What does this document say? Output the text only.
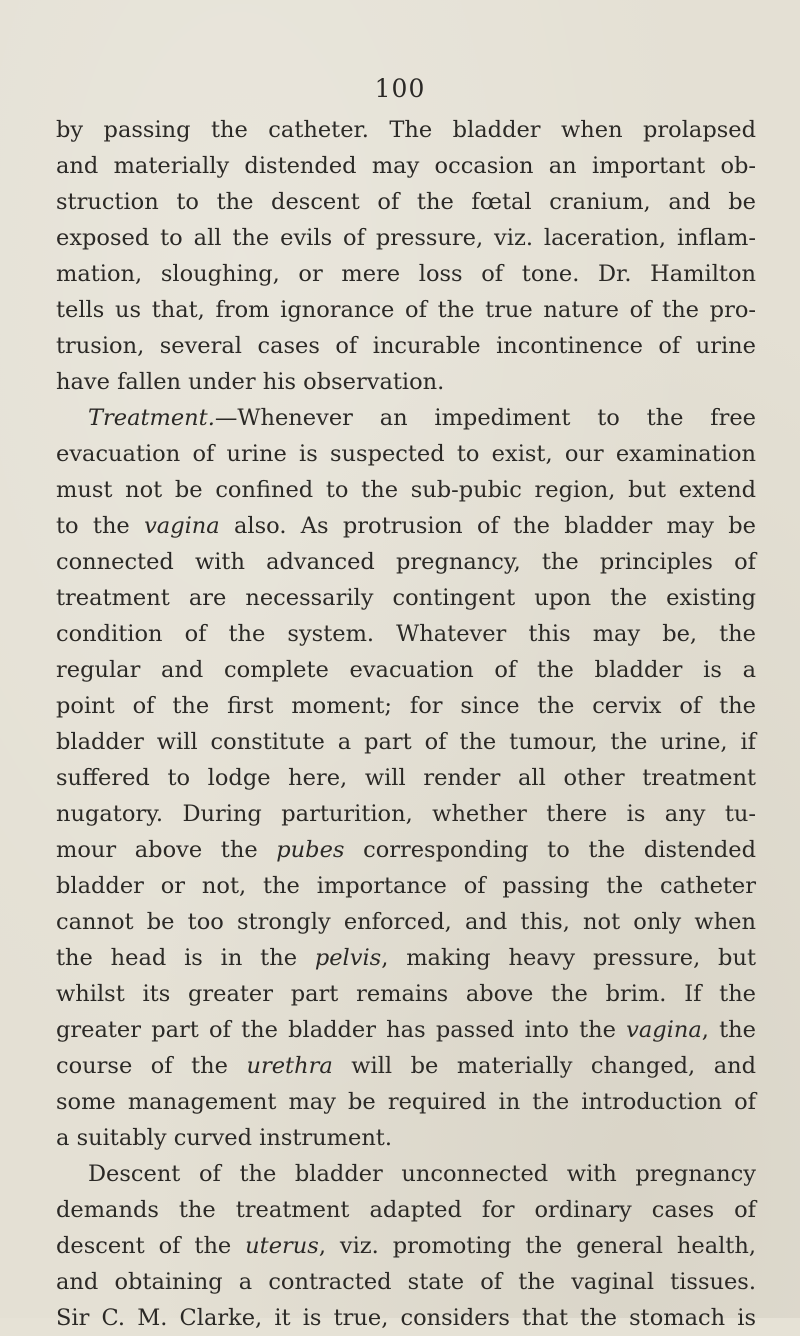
100
by passing the catheter. The bladder when prolapsed
and materially distended may occasion an important ob-
struction to the descent of the fœtal cranium, and be
exposed to all the evils of pressure, viz. laceration, inflam-
mation, sloughing, or mere loss of tone. Dr. Hamilton
tells us that, from ignorance of the true nature of the pro-
trusion, several cases of incurable incontinence of urine
have fallen under his observation.
Treatment.—Whenever an impediment to the free
evacuation of urine is suspected to exist, our examination
must not be confined to the sub-pubic region, but extend
to the vagina also. As protrusion of the bladder may be
connected with advanced pregnancy, the principles of
treatment are necessarily contingent upon the existing
condition of the system. Whatever this may be, the
regular and complete evacuation of the bladder is a
point of the first moment; for since the cervix of the
bladder will constitute a part of the tumour, the urine, if
suffered to lodge here, will render all other treatment
nugatory. During parturition, whether there is any tu-
mour above the pubes corresponding to the distended
bladder or not, the importance of passing the catheter
cannot be too strongly enforced, and this, not only when
the head is in the pelvis, making heavy pressure, but
whilst its greater part remains above the brim. If the
greater part of the bladder has passed into the vagina, the
course of the urethra will be materially changed, and
some management may be required in the introduction of
a suitably curved instrument.
Descent of the bladder unconnected with pregnancy
demands the treatment adapted for ordinary cases of
descent of the uterus, viz. promoting the general health,
and obtaining a contracted state of the vaginal tissues.
Sir C. M. Clarke, it is true, considers that the stomach is
